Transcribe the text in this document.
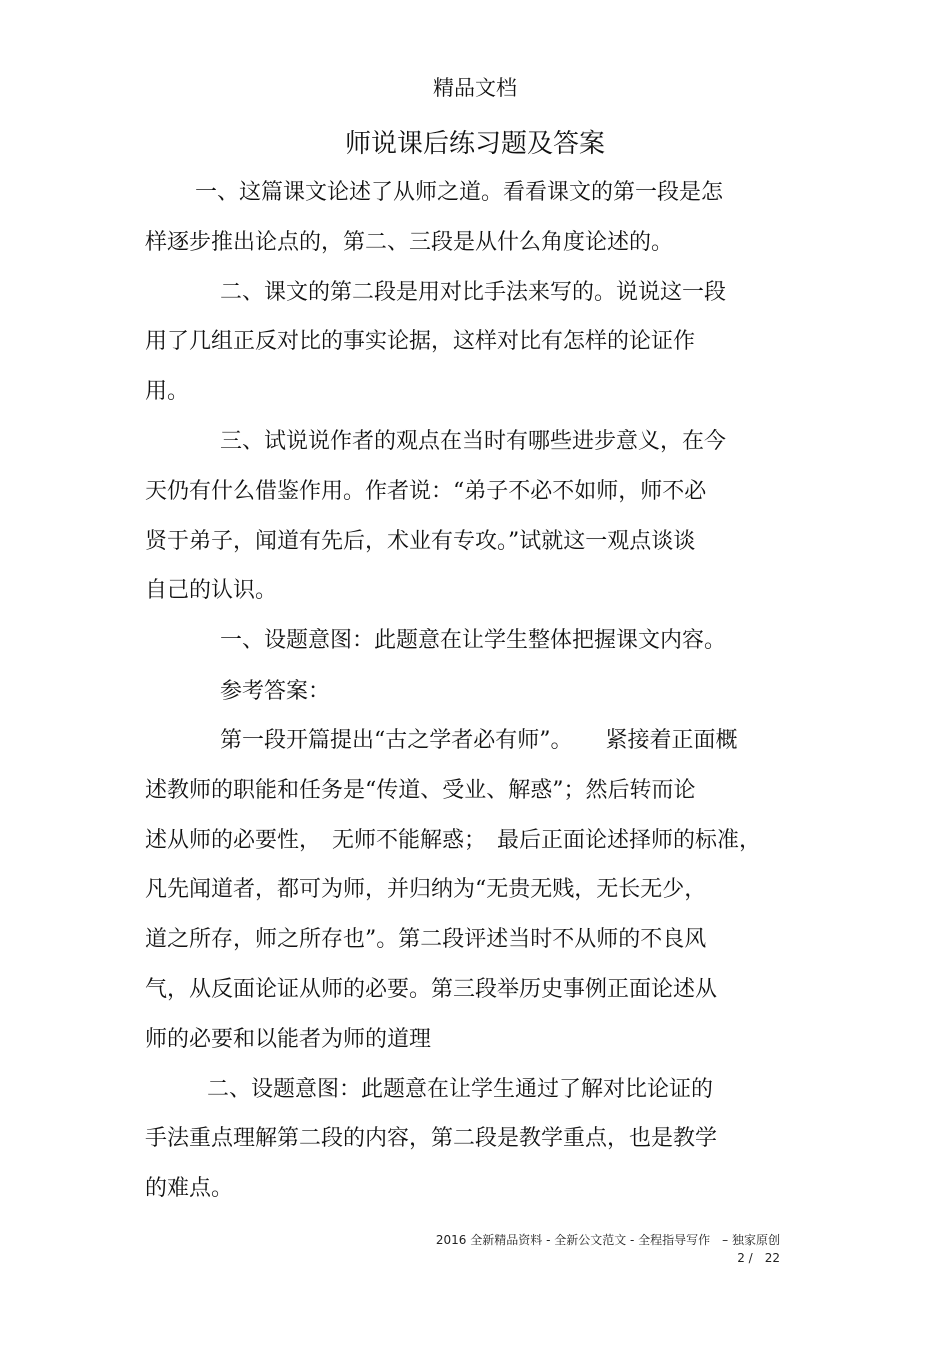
精品文档
师说课后练习题及答案
一、这篇课文论述了从师之道。看看课文的第一段是怎
样逐步推出论点的，第二、三段是从什么角度论述的。
二、课文的第二段是用对比手法来写的。说说这一段
用了几组正反对比的事实论据，这样对比有怎样的论证作
用。
三、试说说作者的观点在当时有哪些进步意义，在今
天仍有什么借鉴作用。作者说：“弟子不必不如师，师不必
贤于弟子，闻道有先后，术业有专攻。”试就这一观点谈谈
自己的认识。
一、设题意图：此题意在让学生整体把握课文内容。
参考答案：
第一段开篇提出“古之学者必有师”。　　紧接着正面概
述教师的职能和任务是“传道、受业、解惑”；然后转而论
述从师的必要性，　无师不能解惑；　最后正面论述择师的标准，
凡先闻道者，都可为师，并归纳为“无贵无贱，无长无少，
道之所存，师之所存也”。第二段评述当时不从师的不良风
气，从反面论证从师的必要。第三段举历史事例正面论述从
师的必要和以能者为师的道理
二、设题意图：此题意在让学生通过了解对比论证的
手法重点理解第二段的内容，第二段是教学重点，也是教学
的难点。
2016 全新精品资料 - 全新公文范文 - 全程指导写作　– 独家原创
2 /　22
